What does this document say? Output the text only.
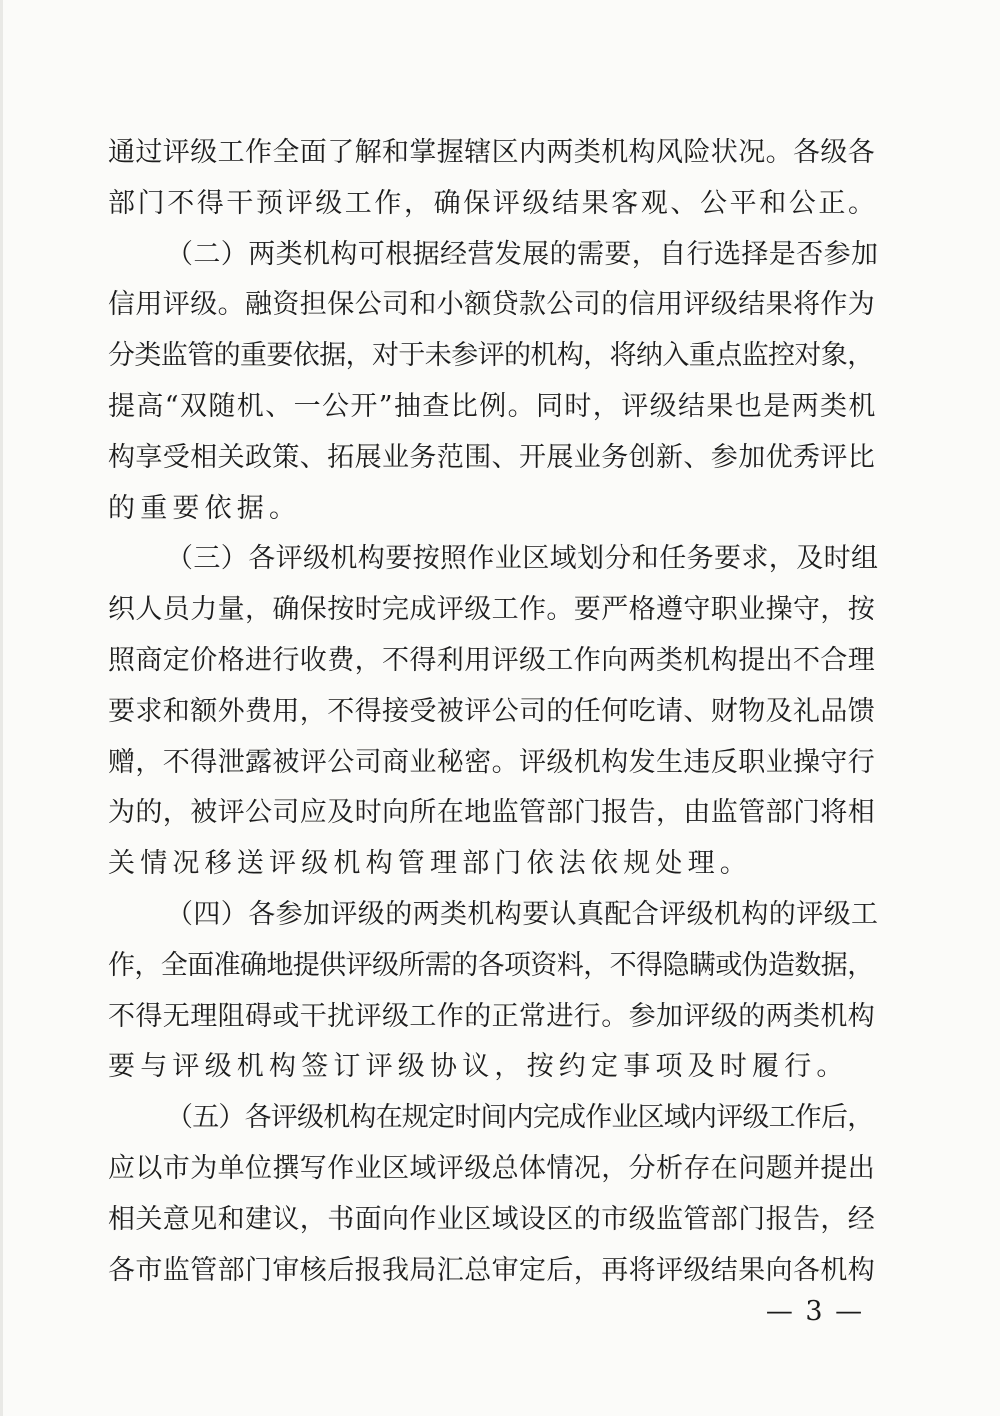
通过评级工作全面了解和掌握辖区内两类机构风险状况。各级各
部门不得干预评级工作，确保评级结果客观、公平和公正。
（二）两类机构可根据经营发展的需要，自行选择是否参加
信用评级。融资担保公司和小额贷款公司的信用评级结果将作为
分类监管的重要依据，对于未参评的机构，将纳入重点监控对象，
提高“双随机、一公开”抽查比例。同时，评级结果也是两类机
构享受相关政策、拓展业务范围、开展业务创新、参加优秀评比
的重要依据。
（三）各评级机构要按照作业区域划分和任务要求，及时组
织人员力量，确保按时完成评级工作。要严格遵守职业操守，按
照商定价格进行收费，不得利用评级工作向两类机构提出不合理
要求和额外费用，不得接受被评公司的任何吃请、财物及礼品馈
赠，不得泄露被评公司商业秘密。评级机构发生违反职业操守行
为的，被评公司应及时向所在地监管部门报告，由监管部门将相
关情况移送评级机构管理部门依法依规处理。
（四）各参加评级的两类机构要认真配合评级机构的评级工
作，全面准确地提供评级所需的各项资料，不得隐瞒或伪造数据，
不得无理阻碍或干扰评级工作的正常进行。参加评级的两类机构
要与评级机构签订评级协议，按约定事项及时履行。
（五）各评级机构在规定时间内完成作业区域内评级工作后，
应以市为单位撰写作业区域评级总体情况，分析存在问题并提出
相关意见和建议，书面向作业区域设区的市级监管部门报告，经
各市监管部门审核后报我局汇总审定后，再将评级结果向各机构
— 3 —
